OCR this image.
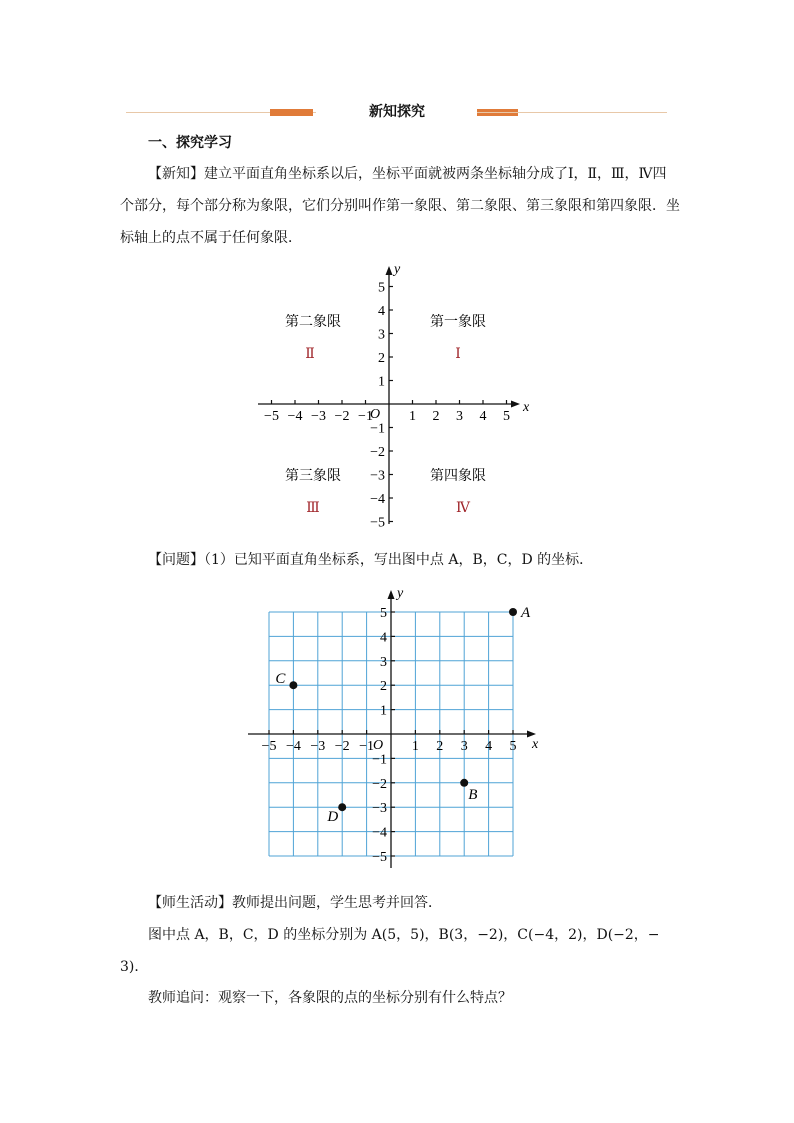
新知探究
一、探究学习
【新知】建立平面直角坐标系以后，坐标平面就被两条坐标轴分成了Ⅰ，Ⅱ，Ⅲ，Ⅳ四
个部分，每个部分称为象限，它们分别叫作第一象限、第二象限、第三象限和第四象限．坐
标轴上的点不属于任何象限．
−5 −4 −3 −2 −1	1 2 3 4 5
5
4
3
2
1
−1
−2
−3
−4
−5
x
y
O
第一象限
Ⅰ
第二象限
Ⅱ
第三象限
Ⅲ
第四象限
Ⅳ
【问题】（1）已知平面直角坐标系，写出图中点 A，B，C，D 的坐标．
−5 −4 −3 −2 −1	1 2 3 4 5
5
4
3
2
1
−1
−2
−3
−4
−5
x
y
O
A
B
C
D
【师生活动】教师提出问题，学生思考并回答．
图中点 A，B，C，D 的坐标分别为 A(5，5)，B(3，−2)，C(−4，2)，D(−2，−
3)．
教师追问：观察一下，各象限的点的坐标分别有什么特点？
